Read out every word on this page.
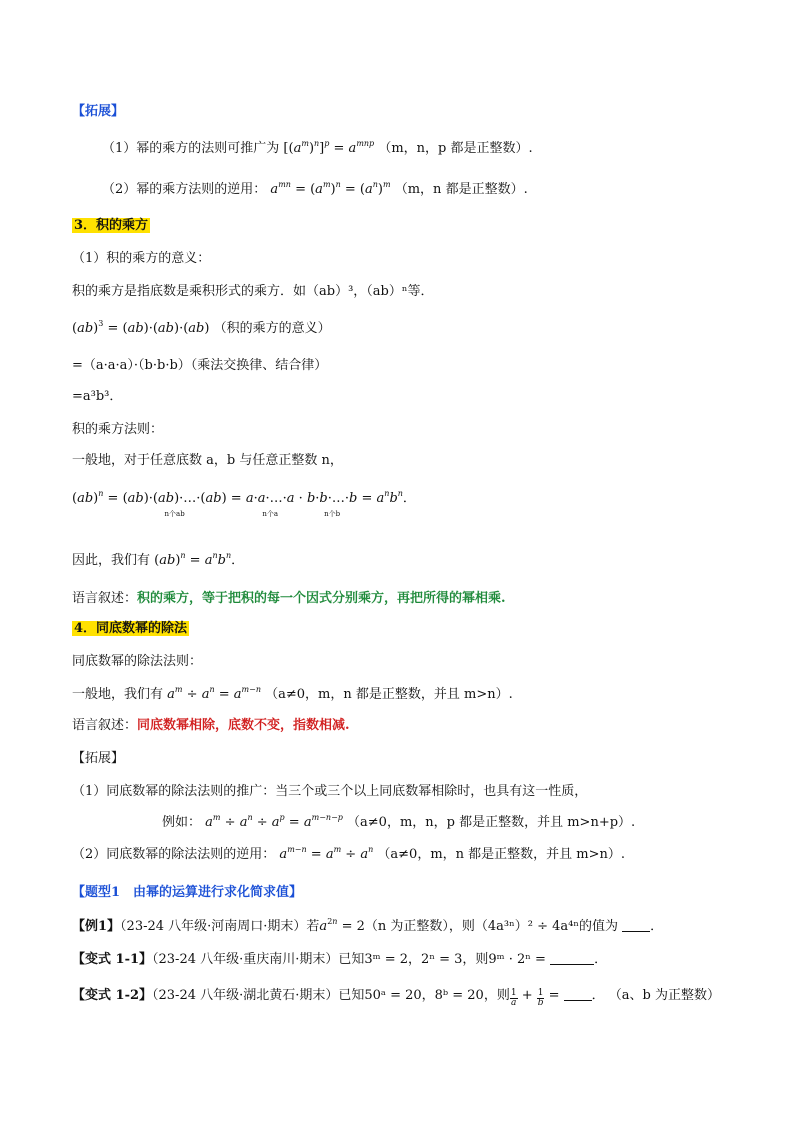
【拓展】
（1）幂的乘方的法则可推广为 $[(a^m)^n]^p = a^{mnp}$ （m，n，p 都是正整数）.
（2）幂的乘方法则的逆用： $a^{mn} = (a^m)^n = (a^n)^m$ （m，n 都是正整数）.
3．积的乘方
（1）积的乘方的意义：
积的乘方是指底数是乘积形式的乘方．如（ab）³，（ab）ⁿ等．
(ab)$^3$ = (ab)·(ab)·(ab) （积的乘方的意义）
=（a·a·a）·（b·b·b）（乘法交换律、结合律）
=a³b³．
积的乘方法则：
一般地，对于任意底数 a，b 与任意正整数 n，
(ab)$^n$ = (ab)·(ab)·…·(ab)
n个ab
= a·a·…·a
n个a
· b·b·…·b
n个b
= $a^nb^n$．
因此，我们有 $(ab)^n = a^nb^n$．
语言叙述：积的乘方，等于把积的每一个因式分别乘方，再把所得的幂相乘.
4．同底数幂的除法
同底数幂的除法法则：
一般地，我们有 $a^m \div a^n = a^{m-n}$ （a≠0，m，n 都是正整数，并且 m>n）.
语言叙述：同底数幂相除，底数不变，指数相减.
【拓展】
（1）同底数幂的除法法则的推广：当三个或三个以上同底数幂相除时，也具有这一性质，
例如： $a^m \div a^n \div a^p = a^{m-n-p}$ （a≠0，m，n，p 都是正整数，并且 m>n+p）.
（2）同底数幂的除法法则的逆用： $a^{m-n} = a^m \div a^n$ （a≠0，m，n 都是正整数，并且 m>n）.
【题型1　由幂的运算进行求化简求值】
【例1】（23-24 八年级·河南周口·期末）若$a^{2n} = 2(n$ 为正整数），则（4a³ⁿ）² ÷ 4a⁴ⁿ的值为 ．
【变式 1-1】（23-24 八年级·重庆南川·期末）已知3ᵐ = 2，2ⁿ = 3，则9ᵐ · 2ⁿ =	．
【变式 1-2】（23-24 八年级·湖北黄石·期末）已知50ᵃ = 20，8ᵇ = 20，则 $\frac{1}{a} + \frac{1}{b}$ = ． （a、b 为正整数）
